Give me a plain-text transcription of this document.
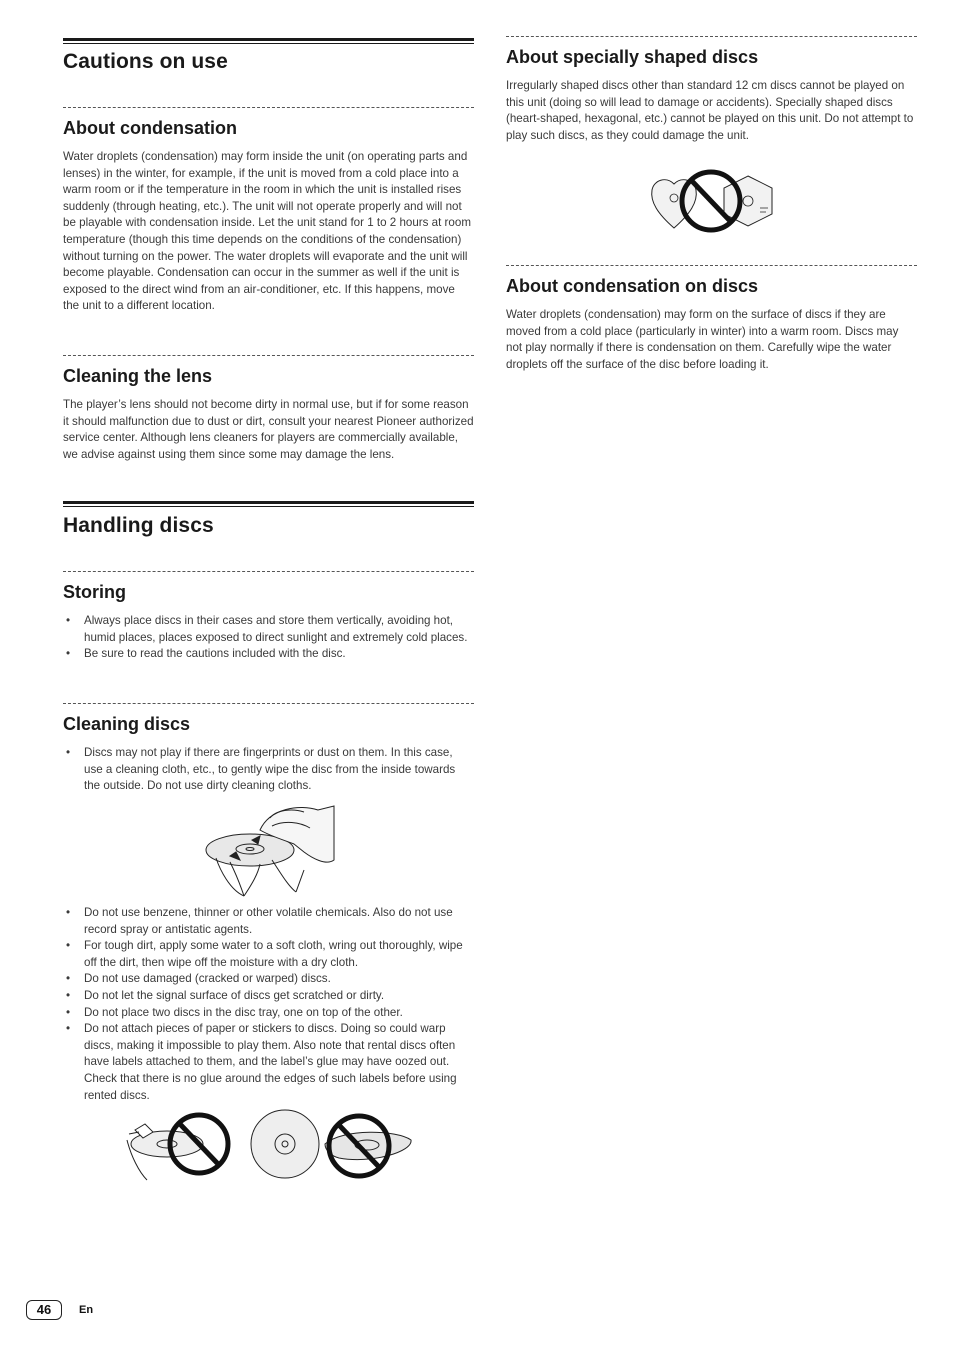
Cautions on use
About condensation

Water droplets (condensation) may form inside the unit (on operating parts and lenses) in the winter, for example, if the unit is moved from a cold place into a warm room or if the temperature in the room in which the unit is installed rises suddenly (through heating, etc.). The unit will not operate properly and will not be playable with condensation inside. Let the unit stand for 1 to 2 hours at room temperature (though this time depends on the conditions of the condensation) without turning on the power. The water droplets will evaporate and the unit will become playable. Condensation can occur in the summer as well if the unit is exposed to the direct wind from an air-conditioner, etc. If this happens, move the unit to a different location.

Cleaning the lens

The player’s lens should not become dirty in normal use, but if for some reason it should malfunction due to dust or dirt, consult your nearest Pioneer authorized service center. Although lens cleaners for players are commercially available, we advise against using them since some may damage the lens.

Handling discs
Storing
• Always place discs in their cases and store them vertically, avoiding hot, humid places, places exposed to direct sunlight and extremely cold places.
• Be sure to read the cautions included with the disc.
Cleaning discs
• Discs may not play if there are fingerprints or dust on them. In this case, use a cleaning cloth, etc., to gently wipe the disc from the inside towards the outside. Do not use dirty cleaning cloths.
• Do not use benzene, thinner or other volatile chemicals. Also do not use record spray or antistatic agents.
• For tough dirt, apply some water to a soft cloth, wring out thoroughly, wipe off the dirt, then wipe off the moisture with a dry cloth.
• Do not use damaged (cracked or warped) discs.
• Do not let the signal surface of discs get scratched or dirty.
• Do not place two discs in the disc tray, one on top of the other.
• Do not attach pieces of paper or stickers to discs. Doing so could warp discs, making it impossible to play them. Also note that rental discs often have labels attached to them, and the label’s glue may have oozed out. Check that there is no glue around the edges of such labels before using rented discs.
About specially shaped discs

Irregularly shaped discs other than standard 12 cm discs cannot be played on this unit (doing so will lead to damage or accidents). Specially shaped discs (heart-shaped, hexagonal, etc.) cannot be played on this unit. Do not attempt to play such discs, as they could damage the unit.

About condensation on discs

Water droplets (condensation) may form on the surface of discs if they are moved from a cold place (particularly in winter) into a warm room. Discs may not play normally if there is condensation on them. Carefully wipe the water droplets off the surface of the disc before loading it.

46	En
